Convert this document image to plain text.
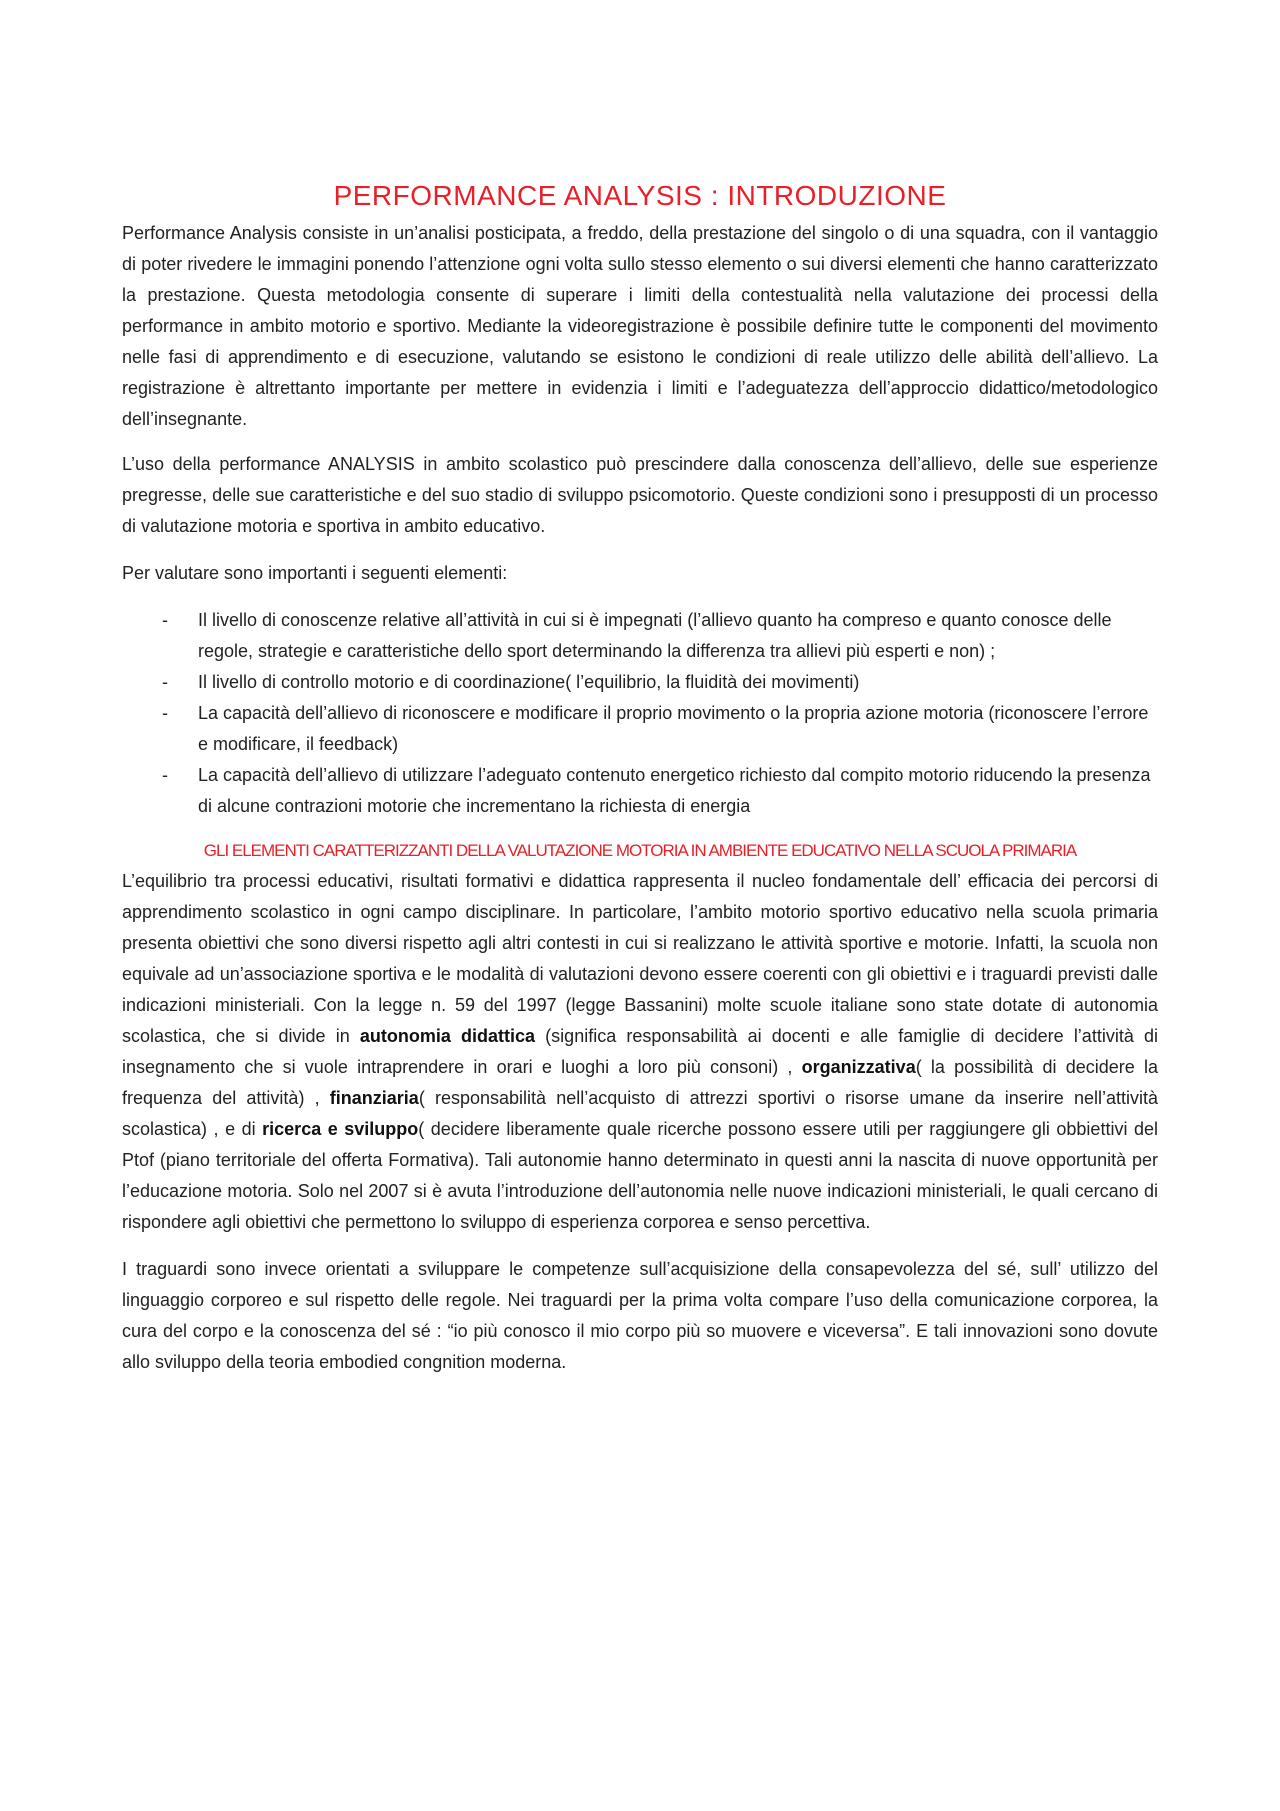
PERFORMANCE ANALYSIS : INTRODUZIONE

Performance Analysis consiste in un’analisi posticipata, a freddo, della prestazione del singolo o di una squadra, con il vantaggio di poter rivedere le immagini ponendo l’attenzione ogni volta sullo stesso elemento o sui diversi elementi che hanno caratterizzato la prestazione. Questa metodologia consente di superare i limiti della contestualità nella valutazione dei processi della performance in ambito motorio e sportivo. Mediante la videoregistrazione è possibile definire tutte le componenti del movimento nelle fasi di apprendimento e di esecuzione, valutando se esistono le condizioni di reale utilizzo delle abilità dell’allievo. La registrazione è altrettanto importante per mettere in evidenzia i limiti e l’adeguatezza dell’approccio didattico/metodologico dell’insegnante.

L’uso della performance ANALYSIS in ambito scolastico può prescindere dalla conoscenza dell’allievo, delle sue esperienze pregresse, delle sue caratteristiche e del suo stadio di sviluppo psicomotorio. Queste condizioni sono i presupposti di un processo di valutazione motoria e sportiva in ambito educativo.

Per valutare sono importanti i seguenti elementi:

- Il livello di conoscenze relative all’attività in cui si è impegnati (l’allievo quanto ha compreso e quanto conosce delle regole, strategie e caratteristiche dello sport determinando la differenza tra allievi più esperti e non) ;
- Il livello di controllo motorio e di coordinazione( l’equilibrio, la fluidità dei movimenti)
- La capacità dell’allievo di riconoscere e modificare il proprio movimento o la propria azione motoria (riconoscere l’errore e modificare, il feedback)
- La capacità dell’allievo di utilizzare l’adeguato contenuto energetico richiesto dal compito motorio riducendo la presenza di alcune contrazioni motorie che incrementano la richiesta di energia
GLI ELEMENTI CARATTERIZZANTI DELLA VALUTAZIONE MOTORIA IN AMBIENTE EDUCATIVO NELLA SCUOLA PRIMARIA

L’equilibrio tra processi educativi, risultati formativi e didattica rappresenta il nucleo fondamentale dell’ efficacia dei percorsi di apprendimento scolastico in ogni campo disciplinare. In particolare, l’ambito motorio sportivo educativo nella scuola primaria presenta obiettivi che sono diversi rispetto agli altri contesti in cui si realizzano le attività sportive e motorie. Infatti, la scuola non equivale ad un’associazione sportiva e le modalità di valutazioni devono essere coerenti con gli obiettivi e i traguardi previsti dalle indicazioni ministeriali. Con la legge n. 59 del 1997 (legge Bassanini) molte scuole italiane sono state dotate di autonomia scolastica, che si divide in autonomia didattica (significa responsabilità ai docenti e alle famiglie di decidere l’attività di insegnamento che si vuole intraprendere in orari e luoghi a loro più consoni) , organizzativa( la possibilità di decidere la frequenza del attività) , finanziaria( responsabilità nell’acquisto di attrezzi sportivi o risorse umane da inserire nell’attività scolastica) , e di ricerca e sviluppo( decidere liberamente quale ricerche possono essere utili per raggiungere gli obbiettivi del Ptof (piano territoriale del offerta Formativa). Tali autonomie hanno determinato in questi anni la nascita di nuove opportunità per l’educazione motoria. Solo nel 2007 si è avuta l’introduzione dell’autonomia nelle nuove indicazioni ministeriali, le quali cercano di rispondere agli obiettivi che permettono lo sviluppo di esperienza corporea e senso percettiva.

I traguardi sono invece orientati a sviluppare le competenze sull’acquisizione della consapevolezza del sé, sull’ utilizzo del linguaggio corporeo e sul rispetto delle regole. Nei traguardi per la prima volta compare l’uso della comunicazione corporea, la cura del corpo e la conoscenza del sé : “io più conosco il mio corpo più so muovere e viceversa”. E tali innovazioni sono dovute allo sviluppo della teoria embodied congnition moderna.
